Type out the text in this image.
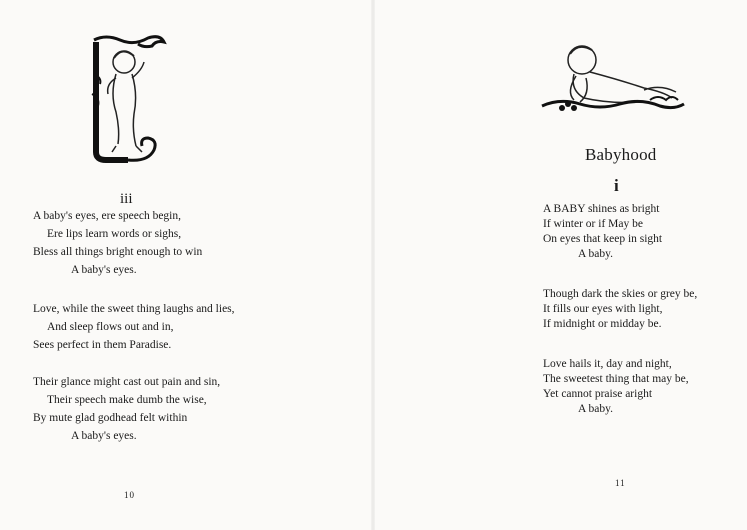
iii
A baby's eyes, ere speech begin,
Ere lips learn words or sighs,
Bless all things bright enough to win
A baby's eyes.
Love, while the sweet thing laughs and lies,
And sleep flows out and in,
Sees perfect in them Paradise.
Their glance might cast out pain and sin,
Their speech make dumb the wise,
By mute glad godhead felt within
A baby's eyes.
10
Babyhood
i
A BABY shines as bright
If winter or if May be
On eyes that keep in sight
A baby.
Though dark the skies or grey be,
It fills our eyes with light,
If midnight or midday be.
Love hails it, day and night,
The sweetest thing that may be,
Yet cannot praise aright
A baby.
11
